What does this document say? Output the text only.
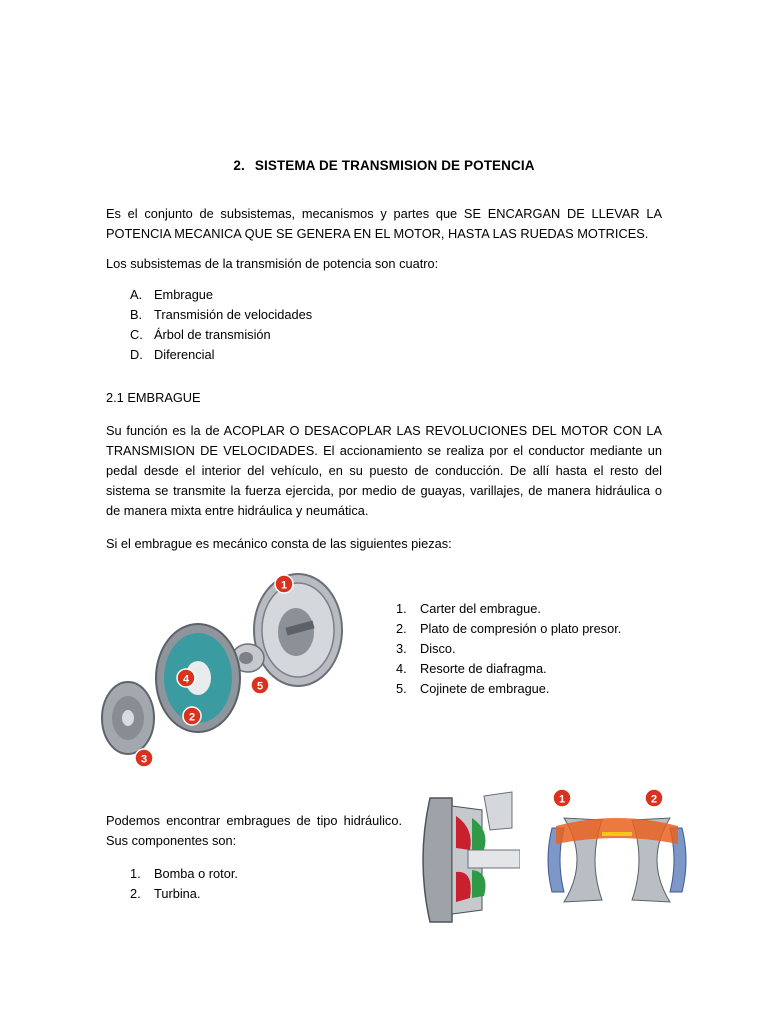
2. SISTEMA DE TRANSMISION DE POTENCIA
Es el conjunto de subsistemas, mecanismos y partes que SE ENCARGAN DE LLEVAR LA POTENCIA MECANICA QUE SE GENERA EN EL MOTOR, HASTA LAS RUEDAS MOTRICES.
Los subsistemas de la transmisión de potencia son cuatro:
A. Embrague
B. Transmisión de velocidades
C. Árbol de transmisión
D. Diferencial
2.1 EMBRAGUE
Su función es la de ACOPLAR O DESACOPLAR LAS REVOLUCIONES DEL MOTOR CON LA TRANSMISION DE VELOCIDADES. El accionamiento se realiza por el conductor mediante un pedal desde el interior del vehículo, en su puesto de conducción. De allí hasta el resto del sistema se transmite la fuerza ejercida, por medio de guayas, varillajes, de manera hidráulica o de manera mixta entre hidráulica y neumática.
Si el embrague es mecánico consta de las siguientes piezas:
1
4
5
2
3
1. Carter del embrague.
2. Plato de compresión o plato presor.
3. Disco.
4. Resorte de diafragma.
5. Cojinete de embrague.
Podemos encontrar embragues de tipo hidráulico. Sus componentes son:
1. Bomba o rotor.
2. Turbina.
1	2
